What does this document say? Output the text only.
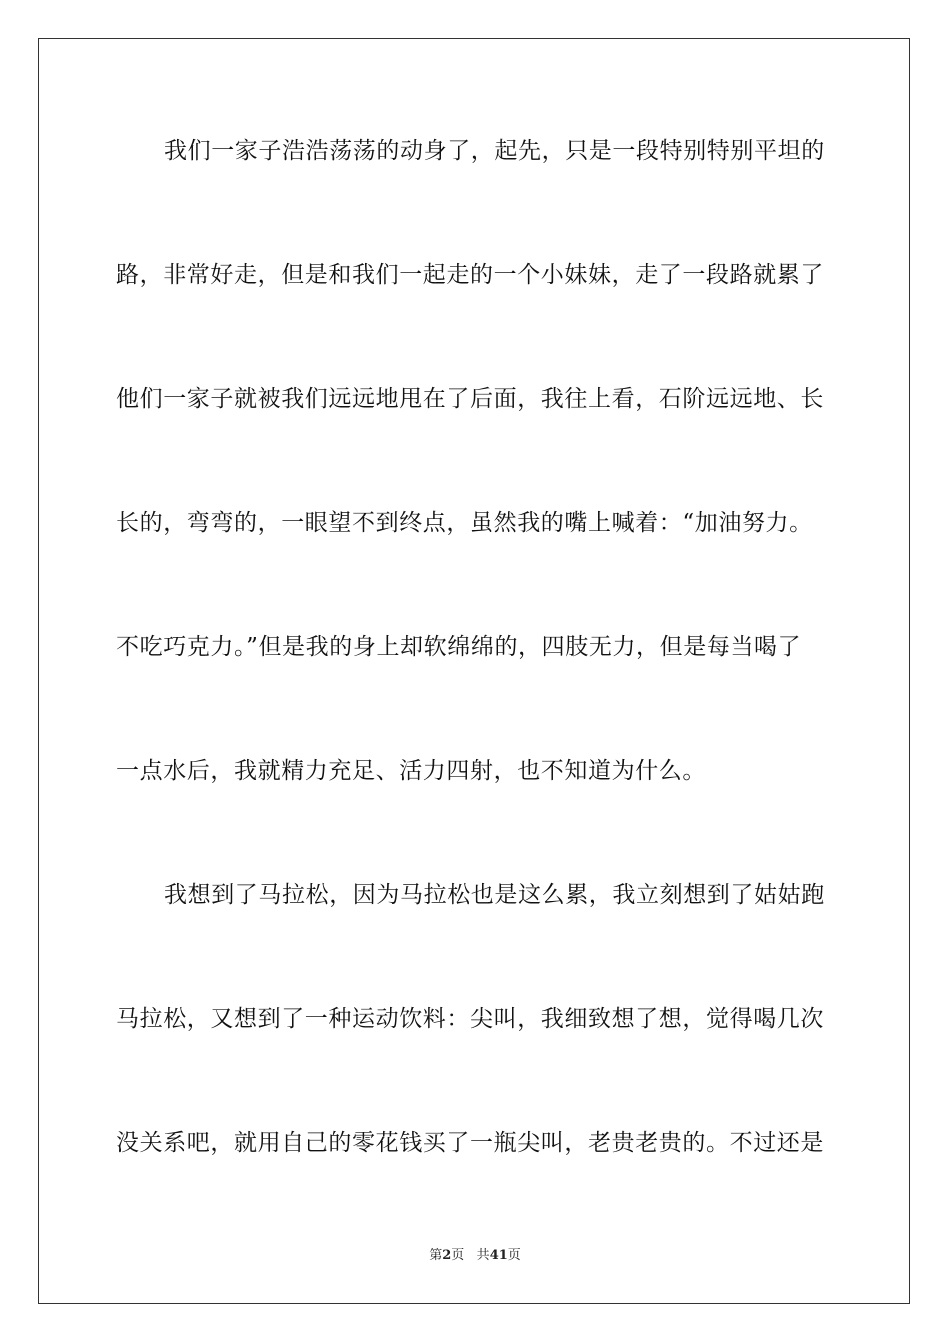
我们一家子浩浩荡荡的动身了，起先，只是一段特别特别平坦的
路，非常好走，但是和我们一起走的一个小妹妹，走了一段路就累了
他们一家子就被我们远远地甩在了后面，我往上看，石阶远远地、长
长的，弯弯的，一眼望不到终点，虽然我的嘴上喊着：“加油努力。
不吃巧克力。”但是我的身上却软绵绵的，四肢无力，但是每当喝了
一点水后，我就精力充足、活力四射，也不知道为什么。
我想到了马拉松，因为马拉松也是这么累，我立刻想到了姑姑跑
马拉松，又想到了一种运动饮料：尖叫，我细致想了想，觉得喝几次
没关系吧，就用自己的零花钱买了一瓶尖叫，老贵老贵的。不过还是
第2页 共41页
